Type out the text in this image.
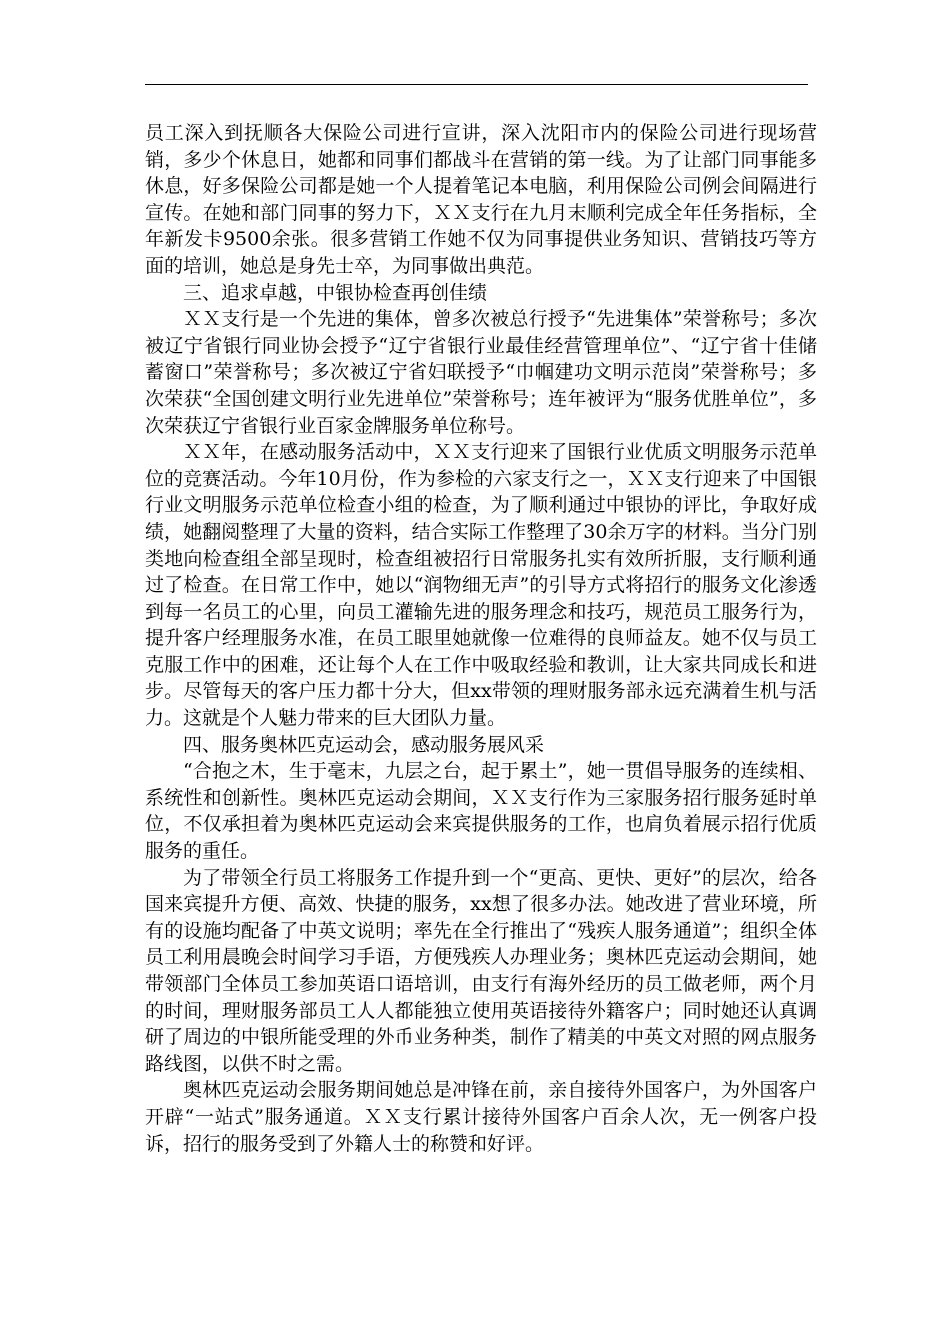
员工深入到抚顺各大保险公司进行宣讲，深入沈阳市内的保险公司进行现场营销，多少个休息日，她都和同事们都战斗在营销的第一线。为了让部门同事能多休息，好多保险公司都是她一个人提着笔记本电脑，利用保险公司例会间隔进行宣传。在她和部门同事的努力下，ＸＸ支行在九月末顺利完成全年任务指标，全年新发卡9500余张。很多营销工作她不仅为同事提供业务知识、营销技巧等方面的培训，她总是身先士卒，为同事做出典范。

三、追求卓越，中银协检查再创佳绩

ＸＸ支行是一个先进的集体，曾多次被总行授予“先进集体”荣誉称号；多次被辽宁省银行同业协会授予“辽宁省银行业最佳经营管理单位”、“辽宁省十佳储蓄窗口”荣誉称号；多次被辽宁省妇联授予“巾帼建功文明示范岗”荣誉称号；多次荣获“全国创建文明行业先进单位”荣誉称号；连年被评为“服务优胜单位”，多次荣获辽宁省银行业百家金牌服务单位称号。

ＸＸ年，在感动服务活动中，ＸＸ支行迎来了国银行业优质文明服务示范单位的竞赛活动。今年10月份，作为参检的六家支行之一，ＸＸ支行迎来了中国银行业文明服务示范单位检查小组的检查，为了顺利通过中银协的评比，争取好成绩，她翻阅整理了大量的资料，结合实际工作整理了30余万字的材料。当分门别类地向检查组全部呈现时，检查组被招行日常服务扎实有效所折服，支行顺利通过了检查。在日常工作中，她以“润物细无声”的引导方式将招行的服务文化渗透到每一名员工的心里，向员工灌输先进的服务理念和技巧，规范员工服务行为，提升客户经理服务水准，在员工眼里她就像一位难得的良师益友。她不仅与员工克服工作中的困难，还让每个人在工作中吸取经验和教训，让大家共同成长和进步。尽管每天的客户压力都十分大，但xx带领的理财服务部永远充满着生机与活力。这就是个人魅力带来的巨大团队力量。

四、服务奥林匹克运动会，感动服务展风采

“合抱之木，生于毫末，九层之台，起于累土”，她一贯倡导服务的连续相、系统性和创新性。奥林匹克运动会期间，ＸＸ支行作为三家服务招行服务延时单位，不仅承担着为奥林匹克运动会来宾提供服务的工作，也肩负着展示招行优质服务的重任。

为了带领全行员工将服务工作提升到一个“更高、更快、更好”的层次，给各国来宾提升方便、高效、快捷的服务，xx想了很多办法。她改进了营业环境，所有的设施均配备了中英文说明；率先在全行推出了“残疾人服务通道”；组织全体员工利用晨晚会时间学习手语，方便残疾人办理业务；奥林匹克运动会期间，她带领部门全体员工参加英语口语培训，由支行有海外经历的员工做老师，两个月的时间，理财服务部员工人人都能独立使用英语接待外籍客户；同时她还认真调研了周边的中银所能受理的外币业务种类，制作了精美的中英文对照的网点服务路线图，以供不时之需。

奥林匹克运动会服务期间她总是冲锋在前，亲自接待外国客户，为外国客户开辟“一站式”服务通道。ＸＸ支行累计接待外国客户百余人次，无一例客户投诉，招行的服务受到了外籍人士的称赞和好评。
